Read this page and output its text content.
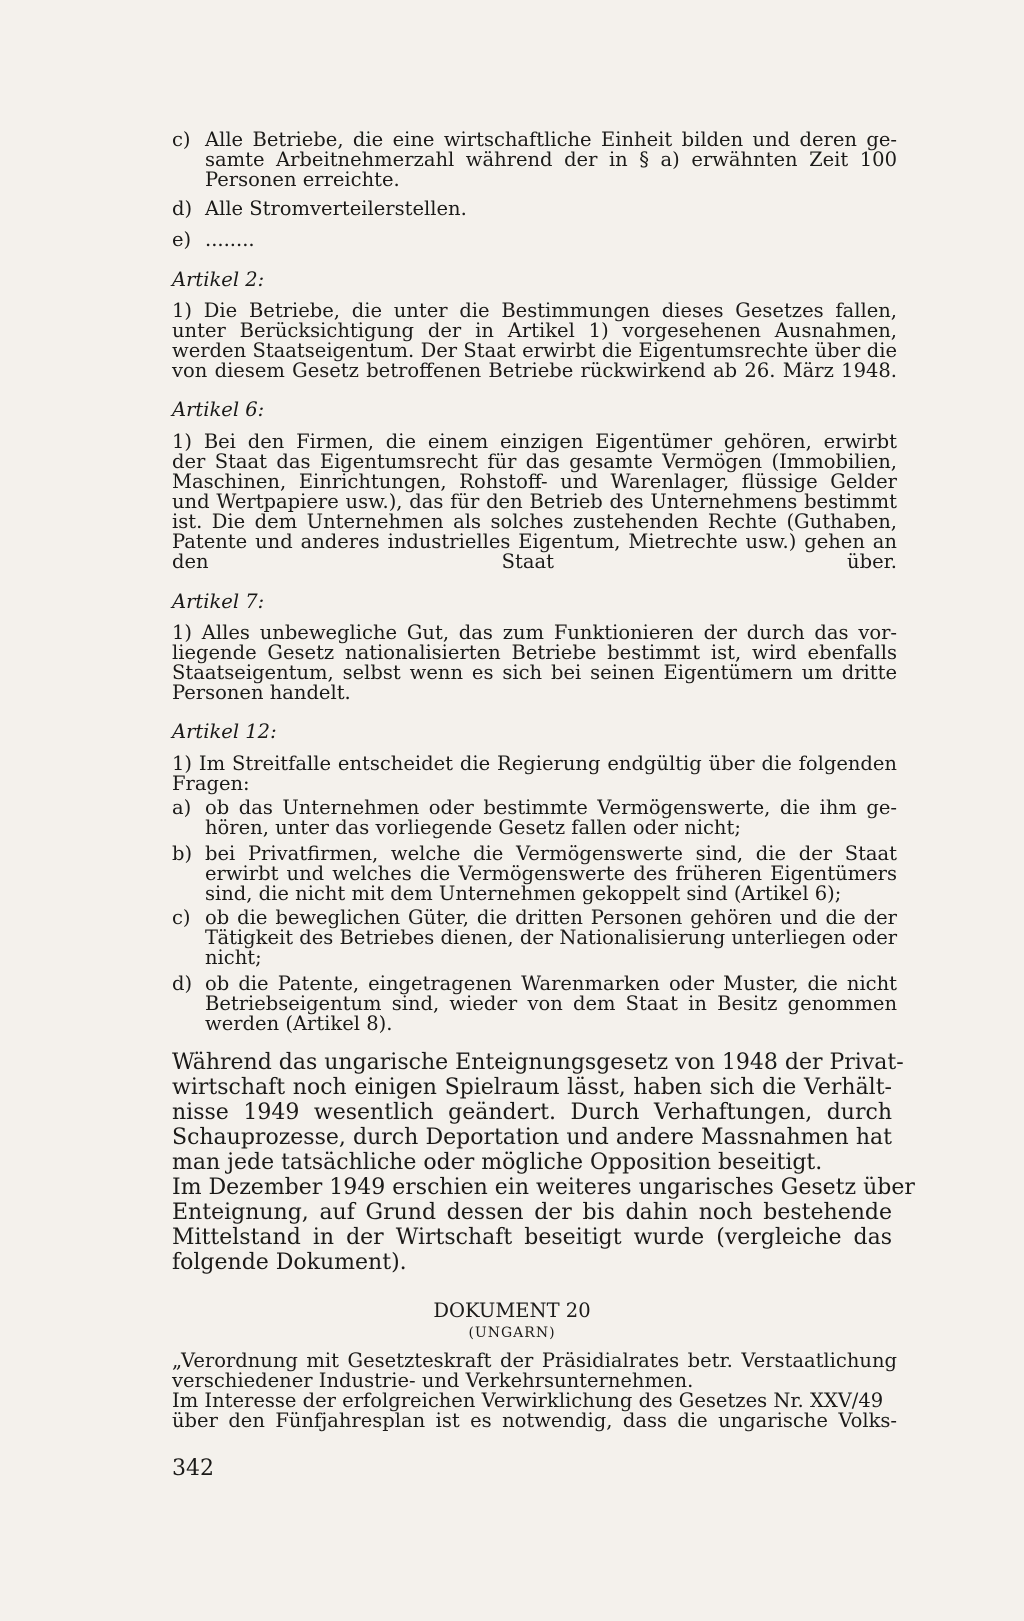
c) Alle Betriebe, die eine wirtschaftliche Einheit bilden und deren ge-
samte Arbeitnehmerzahl während der in § a) erwähnten Zeit 100
Personen erreichte.
d) Alle Stromverteilerstellen.
e) ........
Artikel 2:
1) Die Betriebe, die unter die Bestimmungen dieses Gesetzes fallen,
unter Berücksichtigung der in Artikel 1) vorgesehenen Ausnahmen,
werden Staatseigentum. Der Staat erwirbt die Eigentumsrechte über die
von diesem Gesetz betroffenen Betriebe rückwirkend ab 26. März 1948.
Artikel 6:
1) Bei den Firmen, die einem einzigen Eigentümer gehören, erwirbt
der Staat das Eigentumsrecht für das gesamte Vermögen (Immobilien,
Maschinen, Einrichtungen, Rohstoff- und Warenlager, flüssige Gelder
und Wertpapiere usw.), das für den Betrieb des Unternehmens bestimmt
ist. Die dem Unternehmen als solches zustehenden Rechte (Guthaben,
Patente und anderes industrielles Eigentum, Mietrechte usw.) gehen an
den Staat über.
Artikel 7:
1) Alles unbewegliche Gut, das zum Funktionieren der durch das vor-
liegende Gesetz nationalisierten Betriebe bestimmt ist, wird ebenfalls
Staatseigentum, selbst wenn es sich bei seinen Eigentümern um dritte
Personen handelt.
Artikel 12:
1) Im Streitfalle entscheidet die Regierung endgültig über die folgenden
Fragen:
a) ob das Unternehmen oder bestimmte Vermögenswerte, die ihm ge-
hören, unter das vorliegende Gesetz fallen oder nicht;
b) bei Privatfirmen, welche die Vermögenswerte sind, die der Staat
erwirbt und welches die Vermögenswerte des früheren Eigentümers
sind, die nicht mit dem Unternehmen gekoppelt sind (Artikel 6);
c) ob die beweglichen Güter, die dritten Personen gehören und die der
Tätigkeit des Betriebes dienen, der Nationalisierung unterliegen oder
nicht;
d) ob die Patente, eingetragenen Warenmarken oder Muster, die nicht
Betriebseigentum sind, wieder von dem Staat in Besitz genommen
werden (Artikel 8).
Während das ungarische Enteignungsgesetz von 1948 der Privat-
wirtschaft noch einigen Spielraum lässt, haben sich die Verhält-
nisse 1949 wesentlich geändert. Durch Verhaftungen, durch
Schauprozesse, durch Deportation und andere Massnahmen hat
man jede tatsächliche oder mögliche Opposition beseitigt.
Im Dezember 1949 erschien ein weiteres ungarisches Gesetz über
Enteignung, auf Grund dessen der bis dahin noch bestehende
Mittelstand in der Wirtschaft beseitigt wurde (vergleiche das
folgende Dokument).
DOKUMENT 20
(UNGARN)
„Verordnung mit Gesetzteskraft der Präsidialrates betr. Verstaatlichung
verschiedener Industrie- und Verkehrsunternehmen.
Im Interesse der erfolgreichen Verwirklichung des Gesetzes Nr. XXV/49
über den Fünfjahresplan ist es notwendig, dass die ungarische Volks-
342
